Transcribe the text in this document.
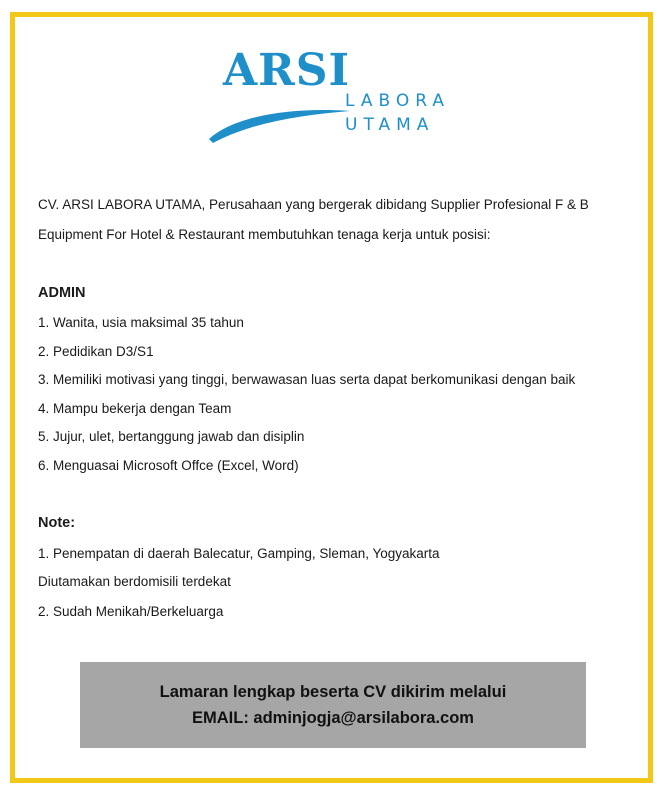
ARSI
LABORA
UTAMA
CV. ARSI LABORA UTAMA, Perusahaan yang bergerak dibidang Supplier Profesional F & B
Equipment For Hotel & Restaurant membutuhkan tenaga kerja untuk posisi:
ADMIN
1. Wanita, usia maksimal 35 tahun
2. Pedidikan D3/S1
3. Memiliki motivasi yang tinggi, berwawasan luas serta dapat berkomunikasi dengan baik
4. Mampu bekerja dengan Team
5. Jujur, ulet, bertanggung jawab dan disiplin
6. Menguasai Microsoft Offce (Excel, Word)
Note:
1. Penempatan di daerah Balecatur, Gamping, Sleman, Yogyakarta
Diutamakan berdomisili terdekat
2. Sudah Menikah/Berkeluarga
Lamaran lengkap beserta CV dikirim melalui
EMAIL: adminjogja@arsilabora.com
